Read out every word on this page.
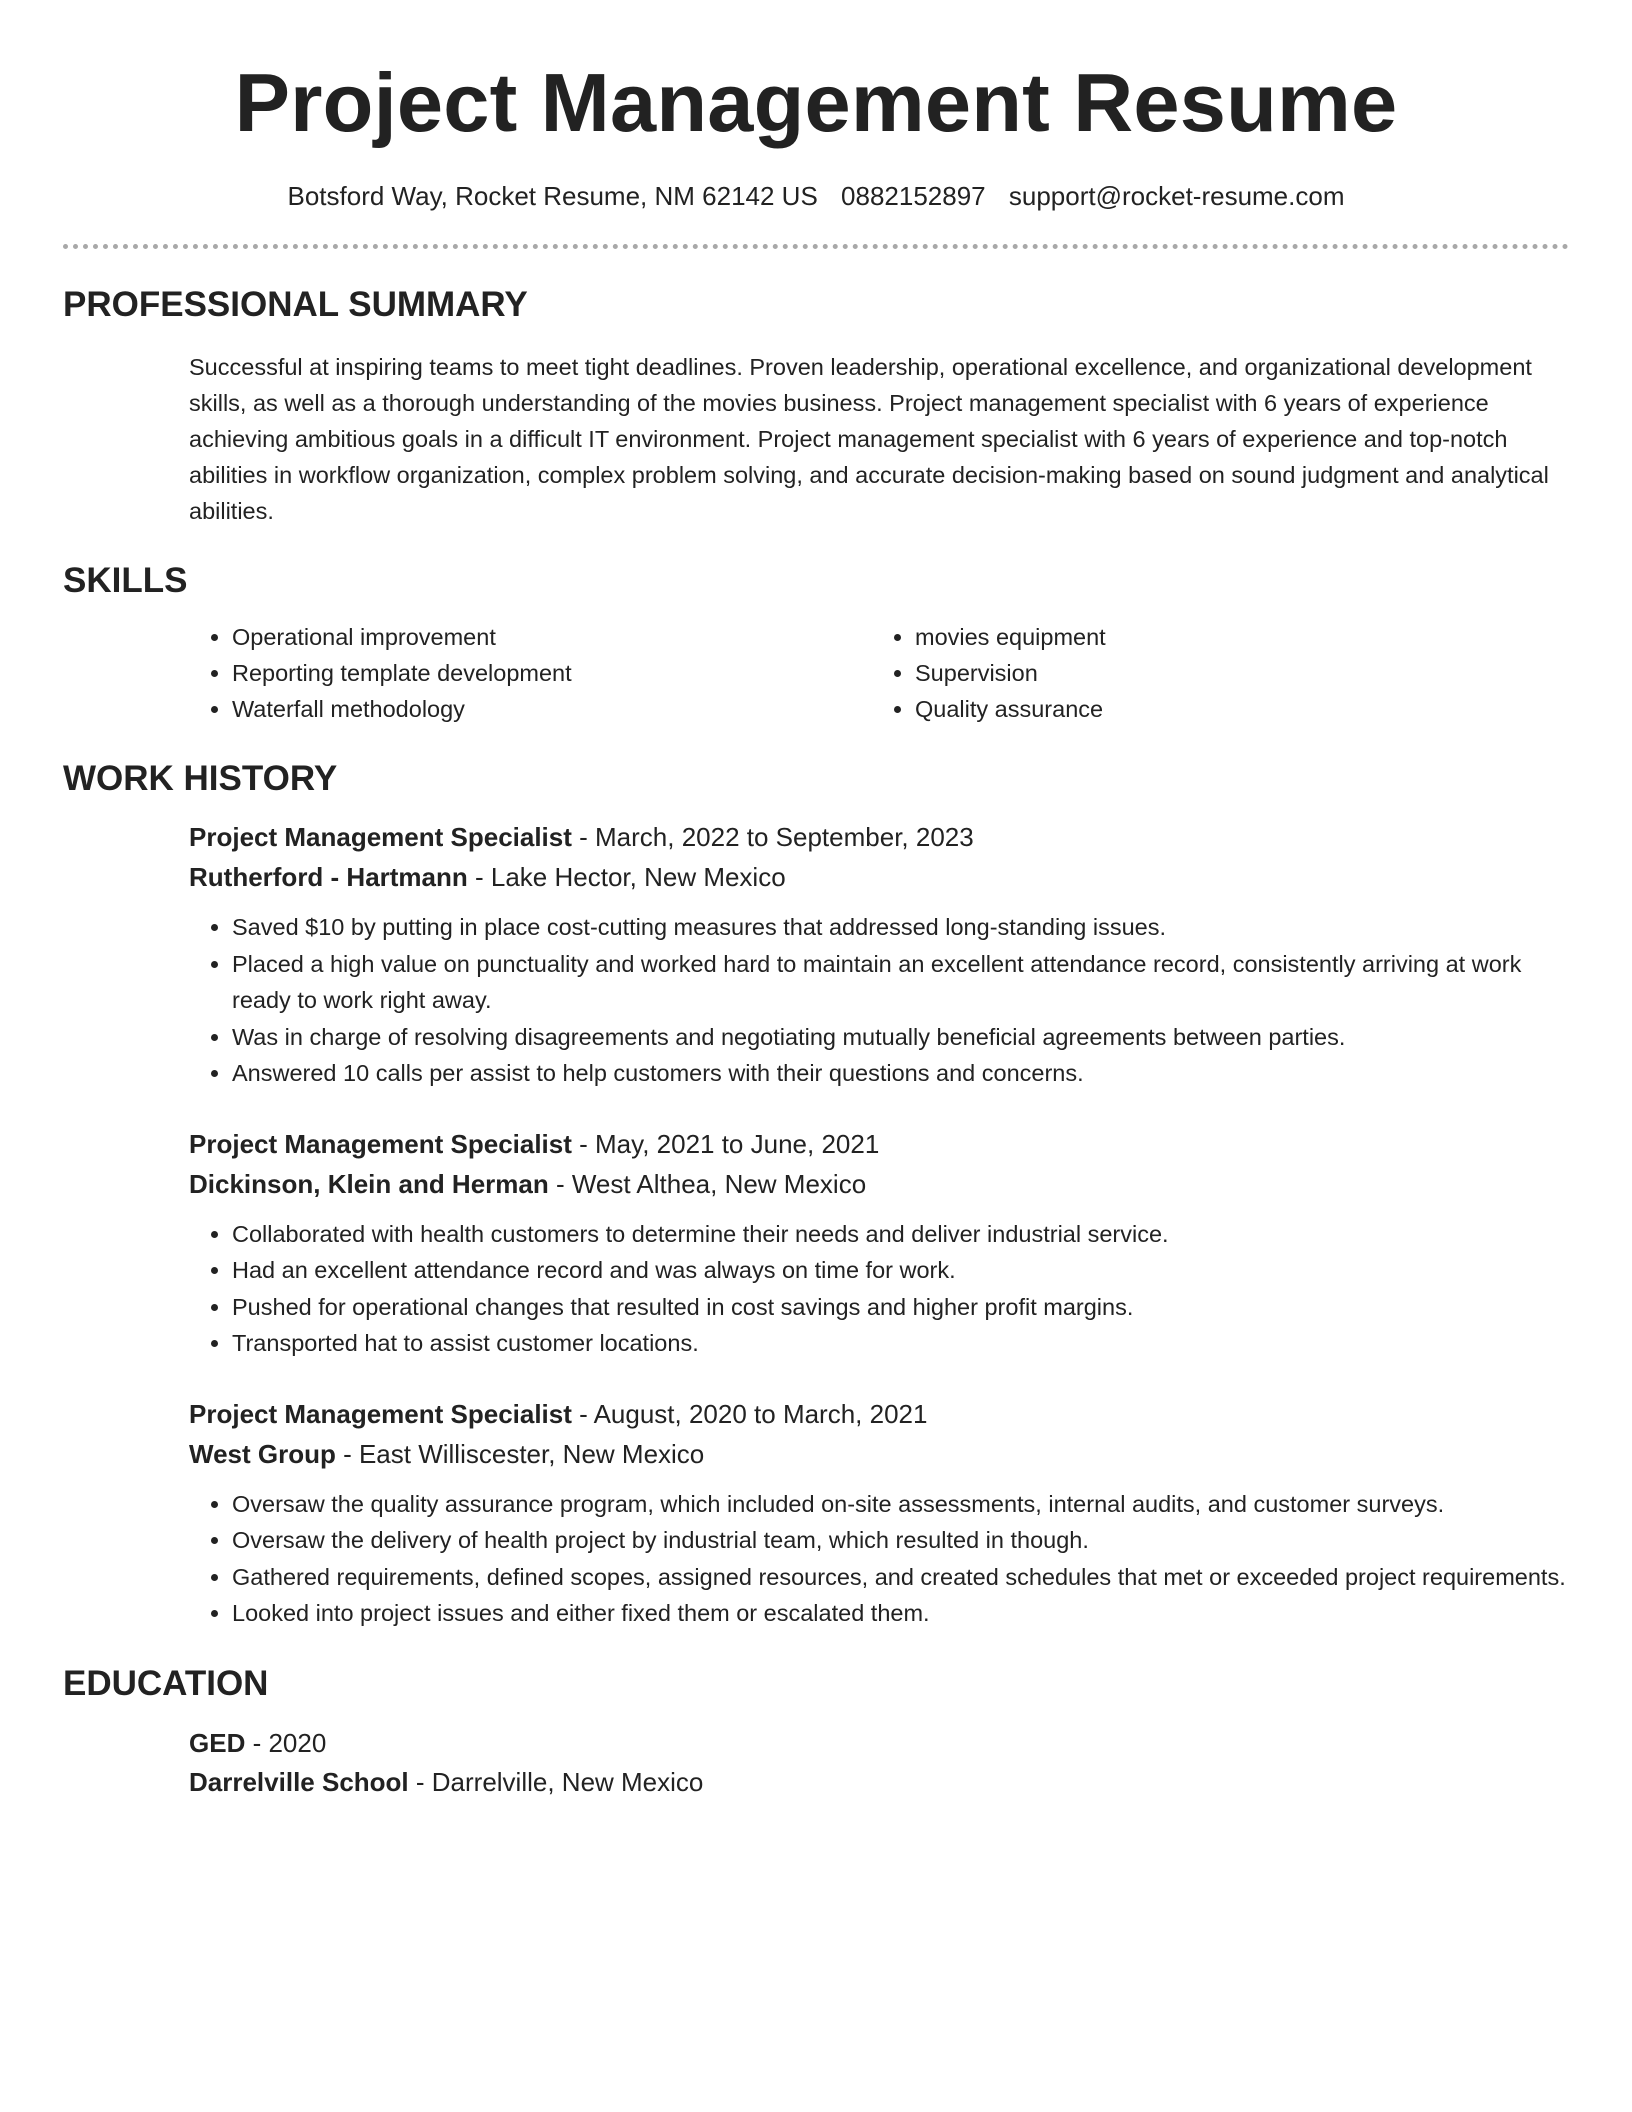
Project Management Resume
Botsford Way, Rocket Resume, NM 62142 US 0882152897 support@rocket-resume.com
PROFESSIONAL SUMMARY

Successful at inspiring teams to meet tight deadlines. Proven leadership, operational excellence, and organizational development skills, as well as a thorough understanding of the movies business. Project management specialist with 6 years of experience achieving ambitious goals in a difficult IT environment. Project management specialist with 6 years of experience and top-notch abilities in workflow organization, complex problem solving, and accurate decision-making based on sound judgment and analytical abilities.

SKILLS
• Operational improvement
• Reporting template development
• Waterfall methodology
• movies equipment
• Supervision
• Quality assurance
WORK HISTORY
Project Management Specialist - March, 2022 to September, 2023
Rutherford - Hartmann - Lake Hector, New Mexico
• Saved $10 by putting in place cost-cutting measures that addressed long-standing issues.
• Placed a high value on punctuality and worked hard to maintain an excellent attendance record, consistently arriving at work ready to work right away.
• Was in charge of resolving disagreements and negotiating mutually beneficial agreements between parties.
• Answered 10 calls per assist to help customers with their questions and concerns.
Project Management Specialist - May, 2021 to June, 2021
Dickinson, Klein and Herman - West Althea, New Mexico
• Collaborated with health customers to determine their needs and deliver industrial service.
• Had an excellent attendance record and was always on time for work.
• Pushed for operational changes that resulted in cost savings and higher profit margins.
• Transported hat to assist customer locations.
Project Management Specialist - August, 2020 to March, 2021
West Group - East Williscester, New Mexico
• Oversaw the quality assurance program, which included on-site assessments, internal audits, and customer surveys.
• Oversaw the delivery of health project by industrial team, which resulted in though.
• Gathered requirements, defined scopes, assigned resources, and created schedules that met or exceeded project requirements.
• Looked into project issues and either fixed them or escalated them.
EDUCATION
GED - 2020
Darrelville School - Darrelville, New Mexico
